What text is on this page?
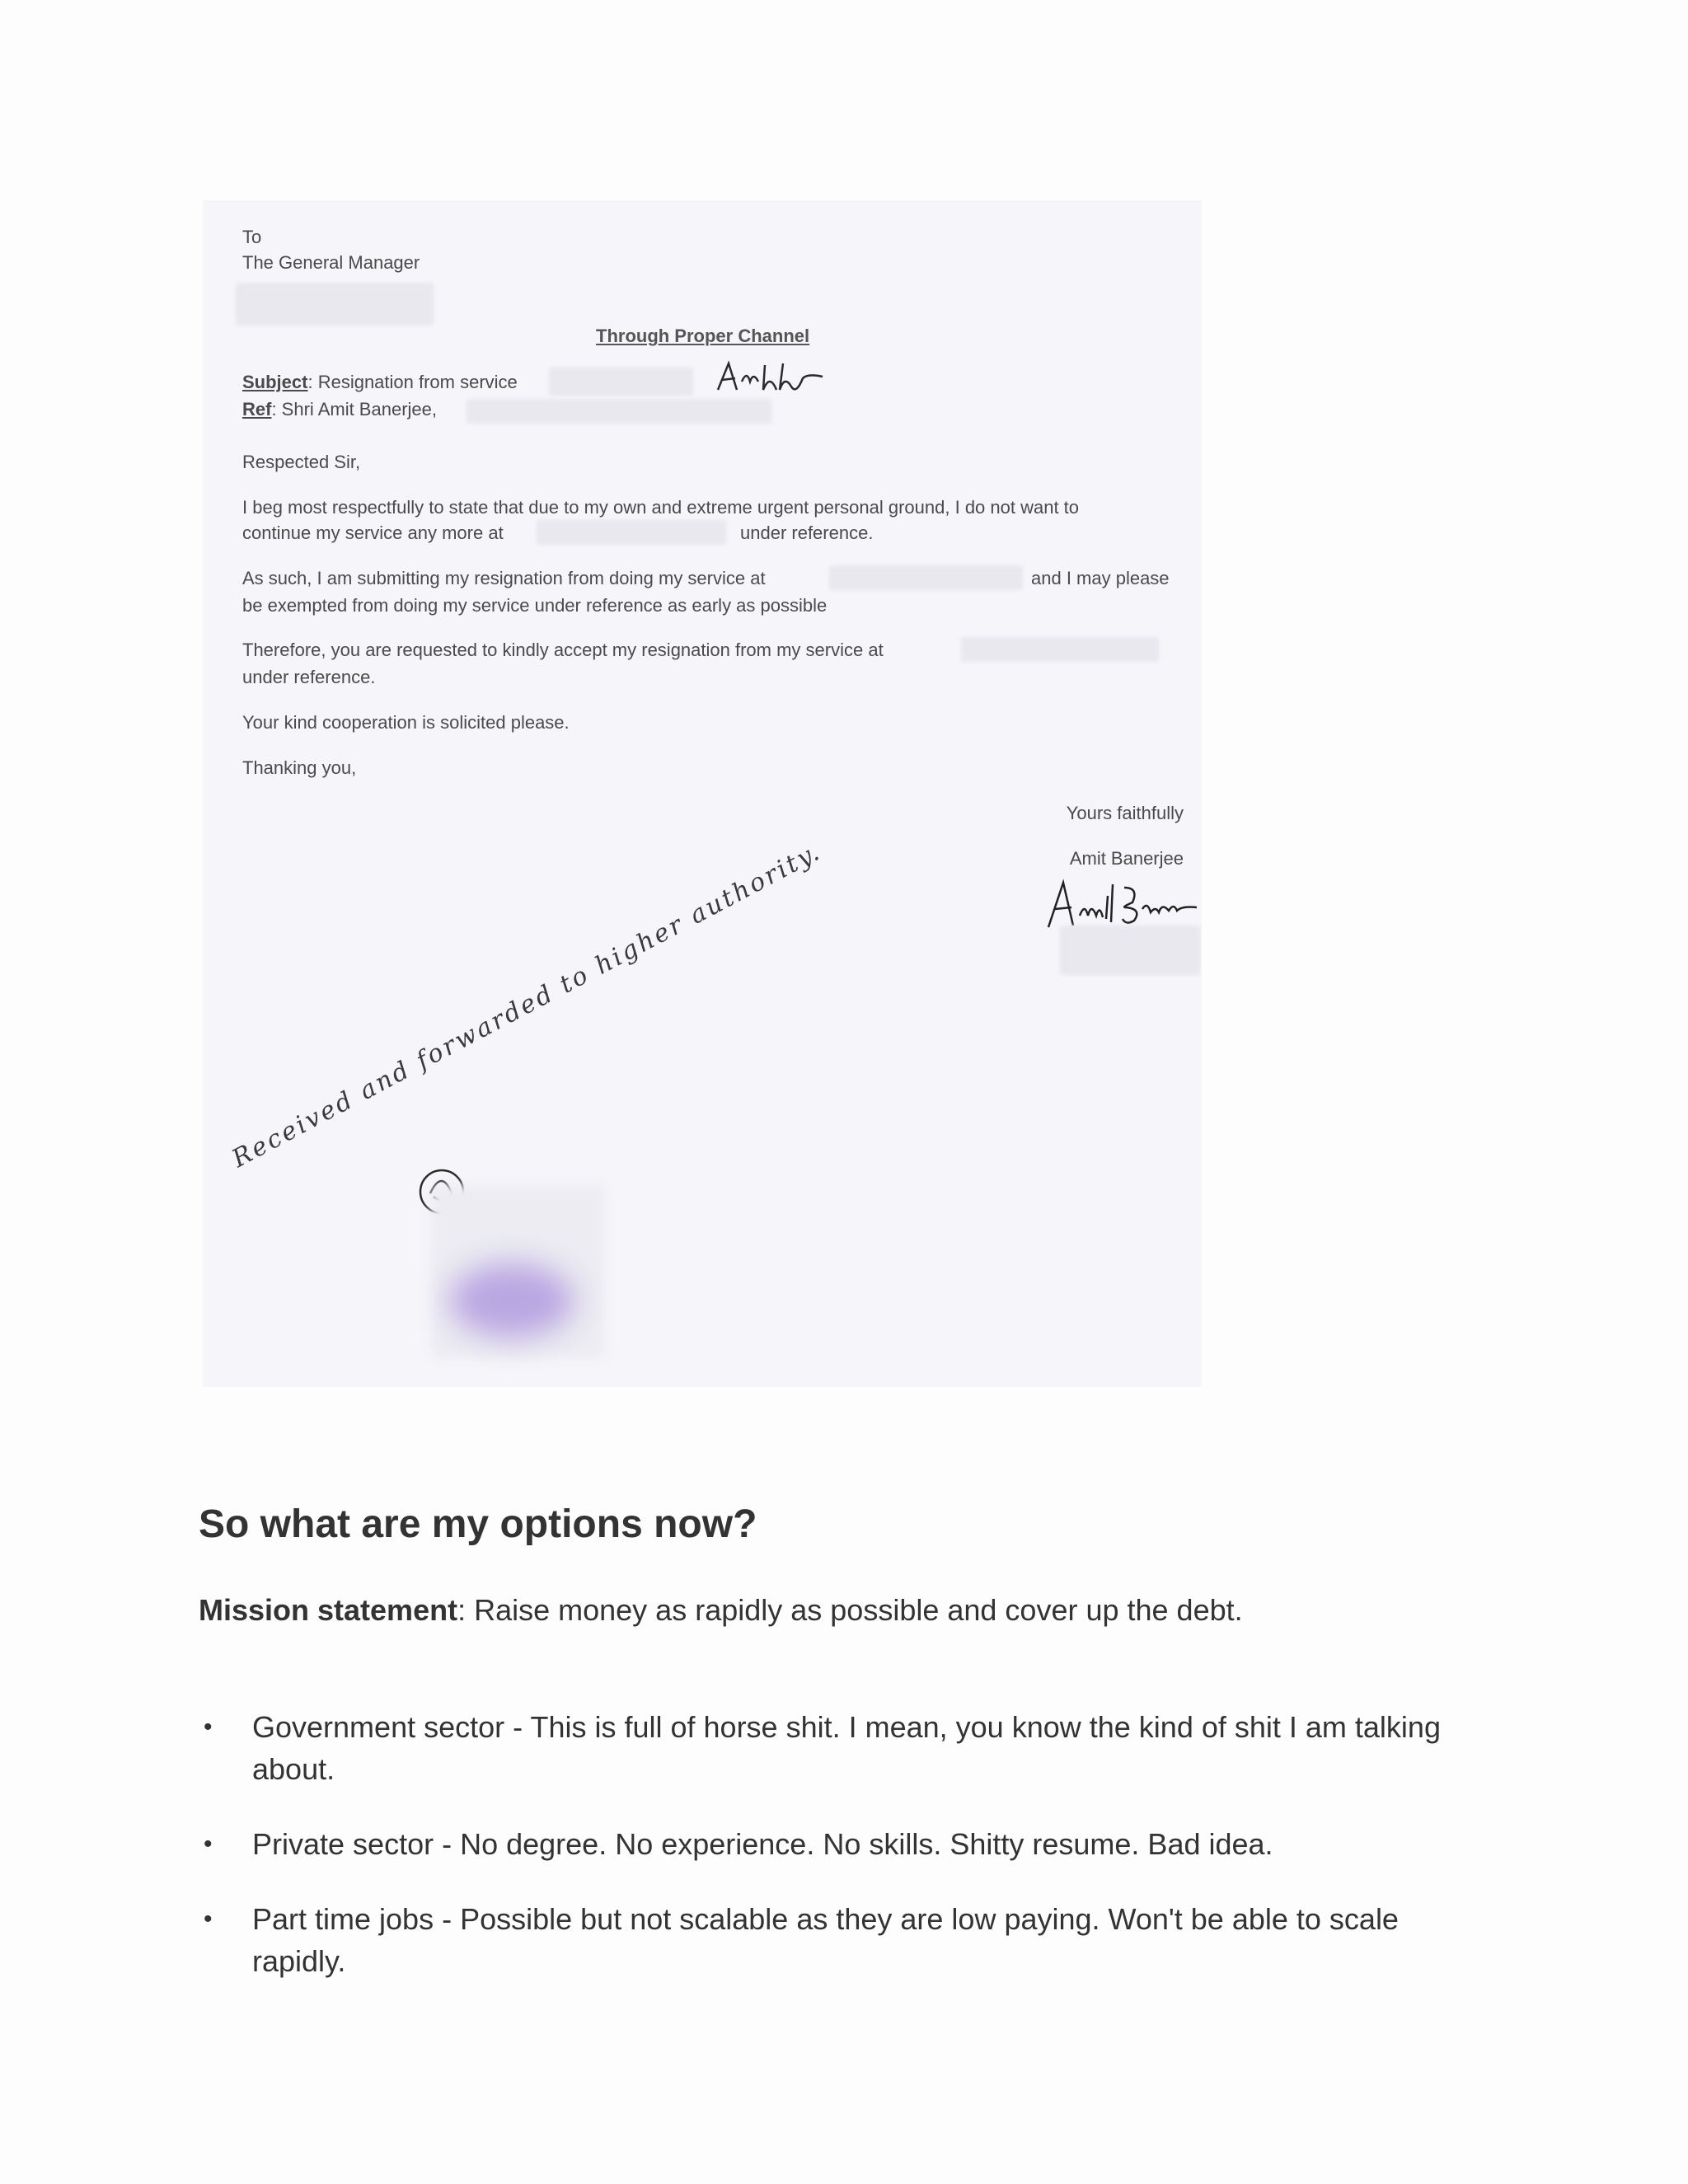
To
The General Manager
Through Proper Channel
Subject: Resignation from service
Ref: Shri Amit Banerjee,
Respected Sir,
I beg most respectfully to state that due to my own and extreme urgent personal ground, I do not want to
continue my service any more at	under reference.
As such, I am submitting my resignation from doing my service at	and I may please
be exempted from doing my service under reference as early as possible
Therefore, you are requested to kindly accept my resignation from my service at
under reference.
Your kind cooperation is solicited please.
Thanking you,
Yours faithfully
Amit Banerjee
Received and forwarded to higher authority.
So what are my options now?

Mission statement: Raise money as rapidly as possible and cover up the debt.

• Government sector - This is full of horse shit. I mean, you know the kind of shit I am talking about.
• Private sector - No degree. No experience. No skills. Shitty resume. Bad idea.
• Part time jobs - Possible but not scalable as they are low paying. Won't be able to scale rapidly.
